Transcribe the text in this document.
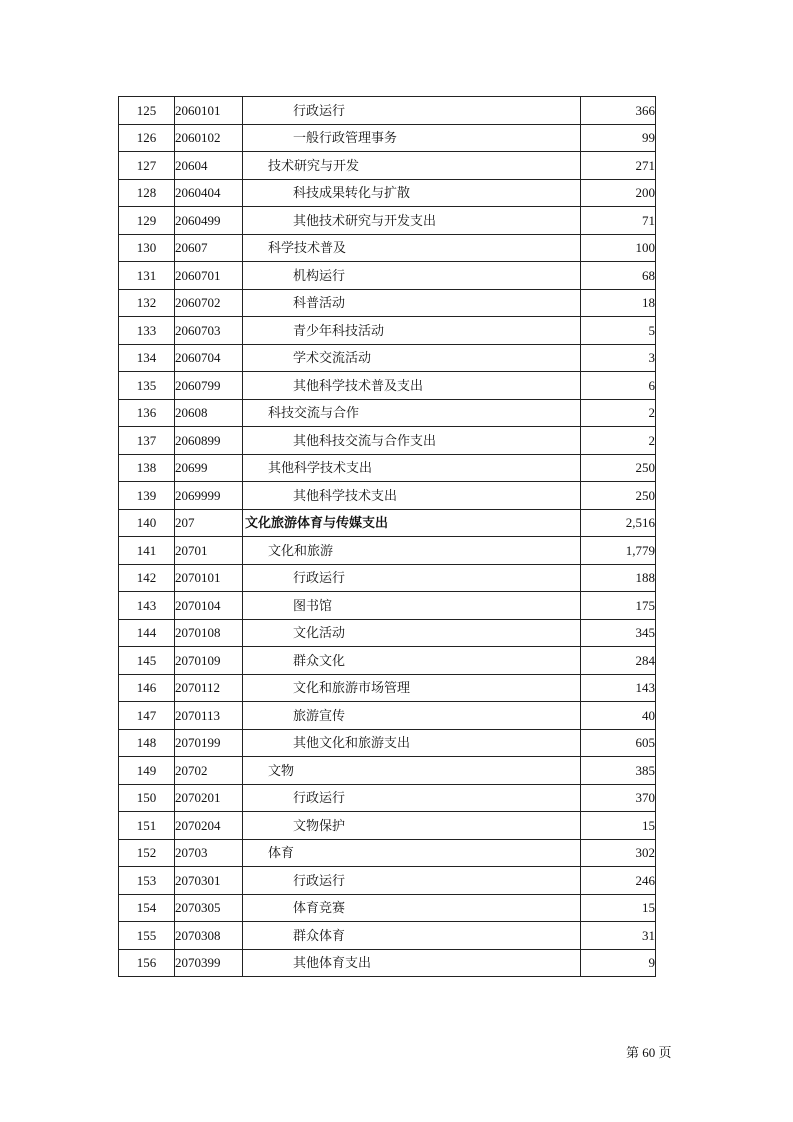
125	2060101	行政运行	366
126	2060102	一般行政管理事务	99
127	20604	技术研究与开发	271
128	2060404	科技成果转化与扩散	200
129	2060499	其他技术研究与开发支出	71
130	20607	科学技术普及	100
131	2060701	机构运行	68
132	2060702	科普活动	18
133	2060703	青少年科技活动	5
134	2060704	学术交流活动	3
135	2060799	其他科学技术普及支出	6
136	20608	科技交流与合作	2
137	2060899	其他科技交流与合作支出	2
138	20699	其他科学技术支出	250
139	2069999	其他科学技术支出	250
140	207	文化旅游体育与传媒支出	2,516
141	20701	文化和旅游	1,779
142	2070101	行政运行	188
143	2070104	图书馆	175
144	2070108	文化活动	345
145	2070109	群众文化	284
146	2070112	文化和旅游市场管理	143
147	2070113	旅游宣传	40
148	2070199	其他文化和旅游支出	605
149	20702	文物	385
150	2070201	行政运行	370
151	2070204	文物保护	15
152	20703	体育	302
153	2070301	行政运行	246
154	2070305	体育竞赛	15
155	2070308	群众体育	31
156	2070399	其他体育支出	9
第 60 页
